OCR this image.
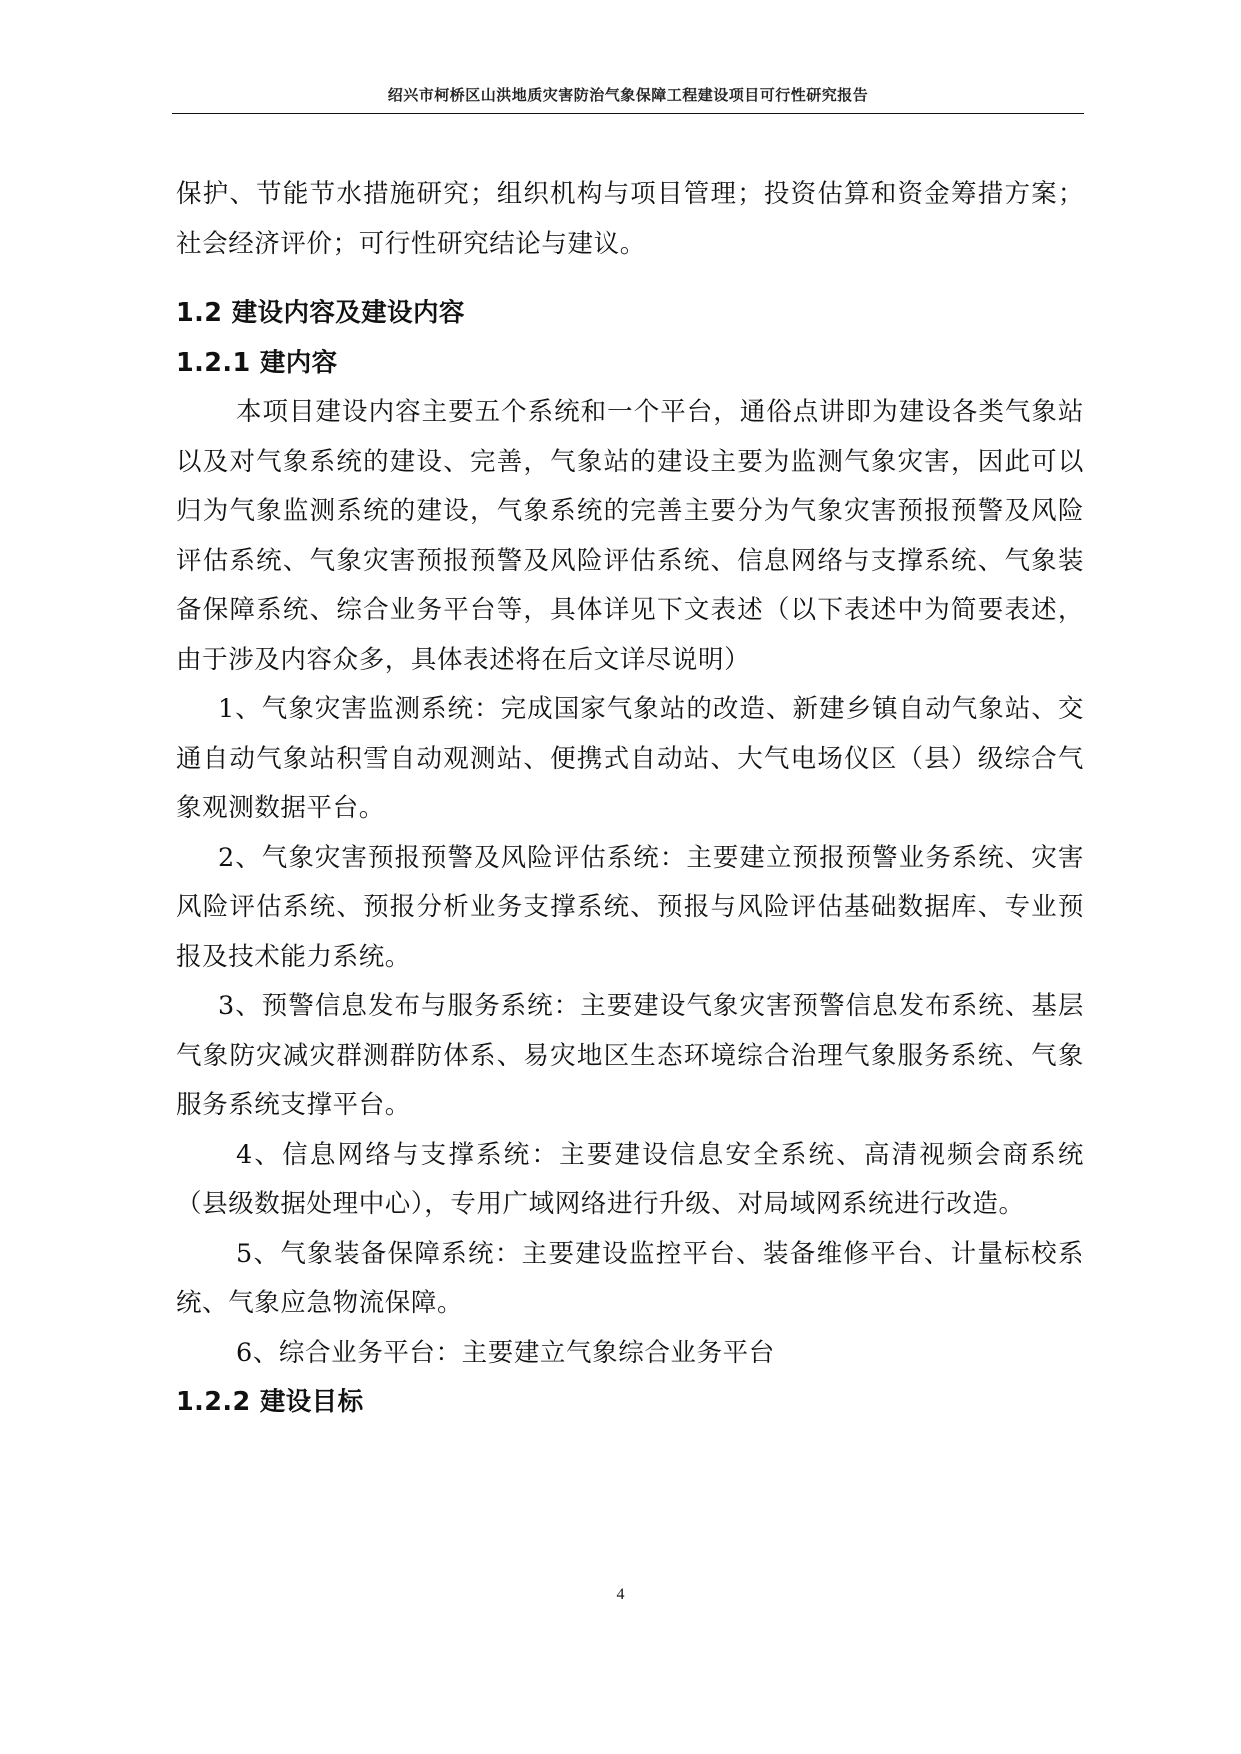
绍兴市柯桥区山洪地质灾害防治气象保障工程建设项目可行性研究报告

保护、节能节水措施研究；组织机构与项目管理；投资估算和资金筹措方案；社会经济评价；可行性研究结论与建议。

1.2 建设内容及建设内容

1.2.1 建内容

本项目建设内容主要五个系统和一个平台，通俗点讲即为建设各类气象站以及对气象系统的建设、完善，气象站的建设主要为监测气象灾害，因此可以归为气象监测系统的建设，气象系统的完善主要分为气象灾害预报预警及风险评估系统、气象灾害预报预警及风险评估系统、信息网络与支撑系统、气象装备保障系统、综合业务平台等，具体详见下文表述（以下表述中为简要表述，由于涉及内容众多，具体表述将在后文详尽说明）

1、气象灾害监测系统：完成国家气象站的改造、新建乡镇自动气象站、交通自动气象站积雪自动观测站、便携式自动站、大气电场仪区（县）级综合气象观测数据平台。

2、气象灾害预报预警及风险评估系统：主要建立预报预警业务系统、灾害风险评估系统、预报分析业务支撑系统、预报与风险评估基础数据库、专业预报及技术能力系统。

3、预警信息发布与服务系统：主要建设气象灾害预警信息发布系统、基层气象防灾减灾群测群防体系、易灾地区生态环境综合治理气象服务系统、气象服务系统支撑平台。

4、信息网络与支撑系统：主要建设信息安全系统、高清视频会商系统（县级数据处理中心），专用广域网络进行升级、对局域网系统进行改造。

5、气象装备保障系统：主要建设监控平台、装备维修平台、计量标校系统、气象应急物流保障。

6、综合业务平台：主要建立气象综合业务平台

1.2.2 建设目标

4
